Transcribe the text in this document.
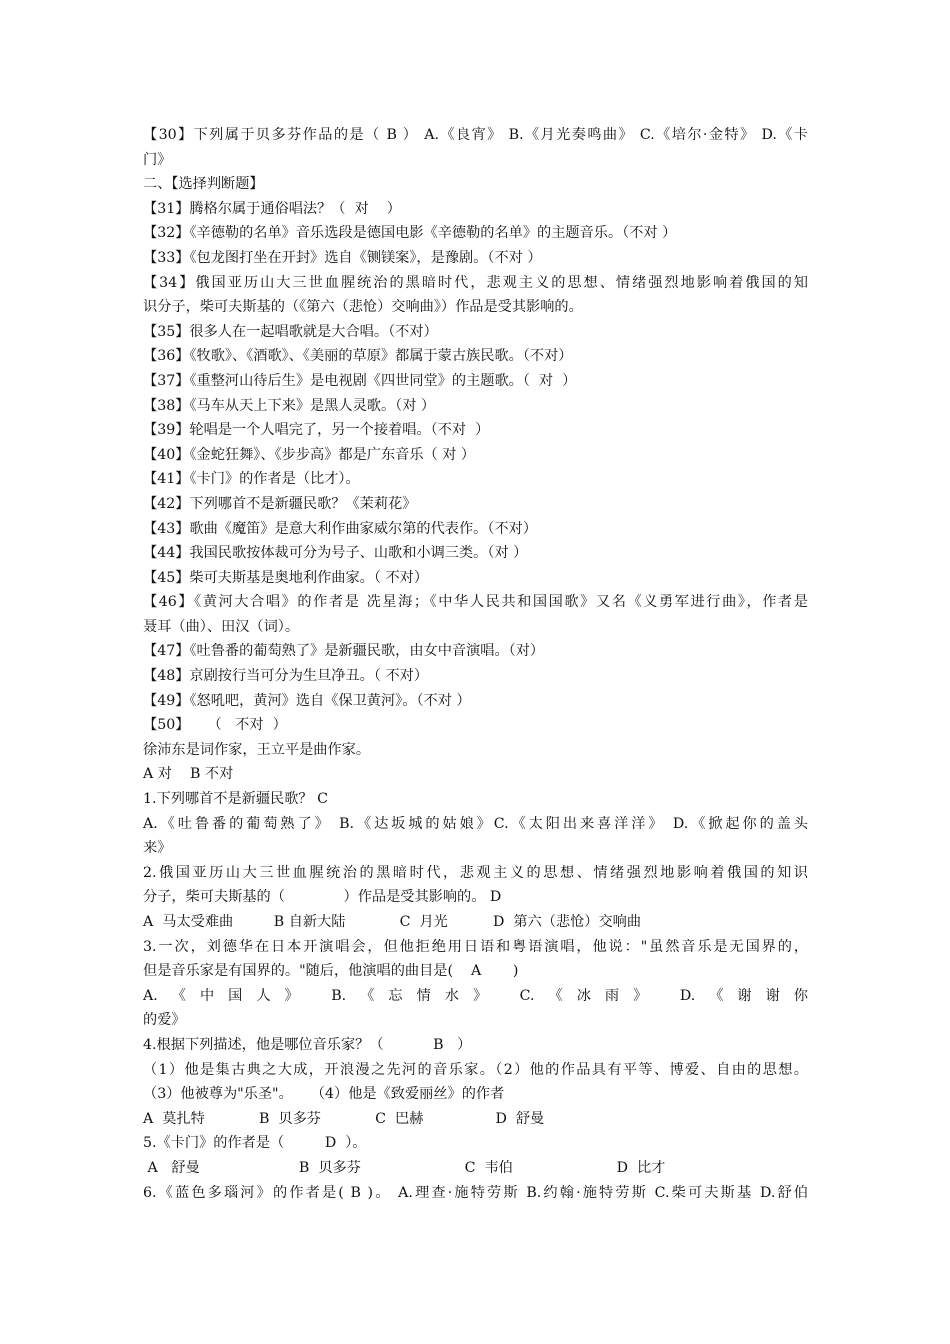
【30】下列属于贝多芬作品的是（ B ） A.《良宵》 B.《月光奏鸣曲》 C.《培尔·金特》 D.《卡
门》
二、【选择判断题】
【31】腾格尔属于通俗唱法？（  对    ）
【32】《辛德勒的名单》音乐选段是德国电影《辛德勒的名单》的主题音乐。（不对 ）
【33】《包龙图打坐在开封》选自《铡镁案》，是豫剧。（不对 ）
【34】俄国亚历山大三世血腥统治的黑暗时代，悲观主义的思想、情绪强烈地影响着俄国的知
识分子，柴可夫斯基的（《第六（悲怆）交响曲》）作品是受其影响的。
【35】很多人在一起唱歌就是大合唱。（不对）
【36】《牧歌》、《酒歌》、《美丽的草原》都属于蒙古族民歌。（不对）
【37】《重整河山待后生》是电视剧《四世同堂》的主题歌。（  对  ）
【38】《马车从天上下来》是黑人灵歌。（对 ）
【39】轮唱是一个人唱完了，另一个接着唱。（不对  ）
【40】《金蛇狂舞》、《步步高》都是广东音乐（ 对 ）
【41】《卡门》的作者是（比才）。
【42】下列哪首不是新疆民歌？《茉莉花》
【43】歌曲《魔笛》是意大利作曲家威尔第的代表作。（不对）
【44】我国民歌按体裁可分为号子、山歌和小调三类。（对 ）
【45】柴可夫斯基是奥地利作曲家。（ 不对）
【46】《黄河大合唱》的作者是 冼星海；《中华人民共和国国歌》又名《义勇军进行曲》，作者是
聂耳（曲）、田汉（词）。
【47】《吐鲁番的葡萄熟了》是新疆民歌，由女中音演唱。（对）
【48】京剧按行当可分为生旦净丑。（ 不对）
【49】《怒吼吧，黄河》选自《保卫黄河》。（不对 ）
【50】    （   不对  ）
徐沛东是词作家，王立平是曲作家。
A 对    B 不对
1.下列哪首不是新疆民歌？ C
A.《吐鲁番的葡萄熟了》 B.《达坂城的姑娘》C.《太阳出来喜洋洋》 D.《掀起你的盖头
来》
2.俄国亚历山大三世血腥统治的黑暗时代，悲观主义的思想、情绪强烈地影响着俄国的知识
分子，柴可夫斯基的（             ）作品是受其影响的。 D
A  马太受难曲         B 自新大陆            C  月光          D  第六（悲怆）交响曲
3.一次，刘德华在日本开演唱会，但他拒绝用日语和粤语演唱，他说："虽然音乐是无国界的，
但是音乐家是有国界的。"随后，他演唱的曲目是(    A       )
A.《中国人》 B.《忘情水》 C.《冰雨》 D.《谢谢你
的爱》
4.根据下列描述，他是哪位音乐家？（           B   ）
（1）他是集古典之大成，开浪漫之先河的音乐家。（2）他的作品具有平等、博爱、自由的思想。
（3）他被尊为"乐圣"。    （4）他是《致爱丽丝》的作者
A  莫扎特            B  贝多芬            C  巴赫                D  舒曼
5.《卡门》的作者是（         D  ）。
A   舒曼                      B  贝多芬                       C  韦伯                       D  比才
6.《蓝色多瑙河》的作者是( B )。 A.理查·施特劳斯 B.约翰·施特劳斯 C.柴可夫斯基 D.舒伯
